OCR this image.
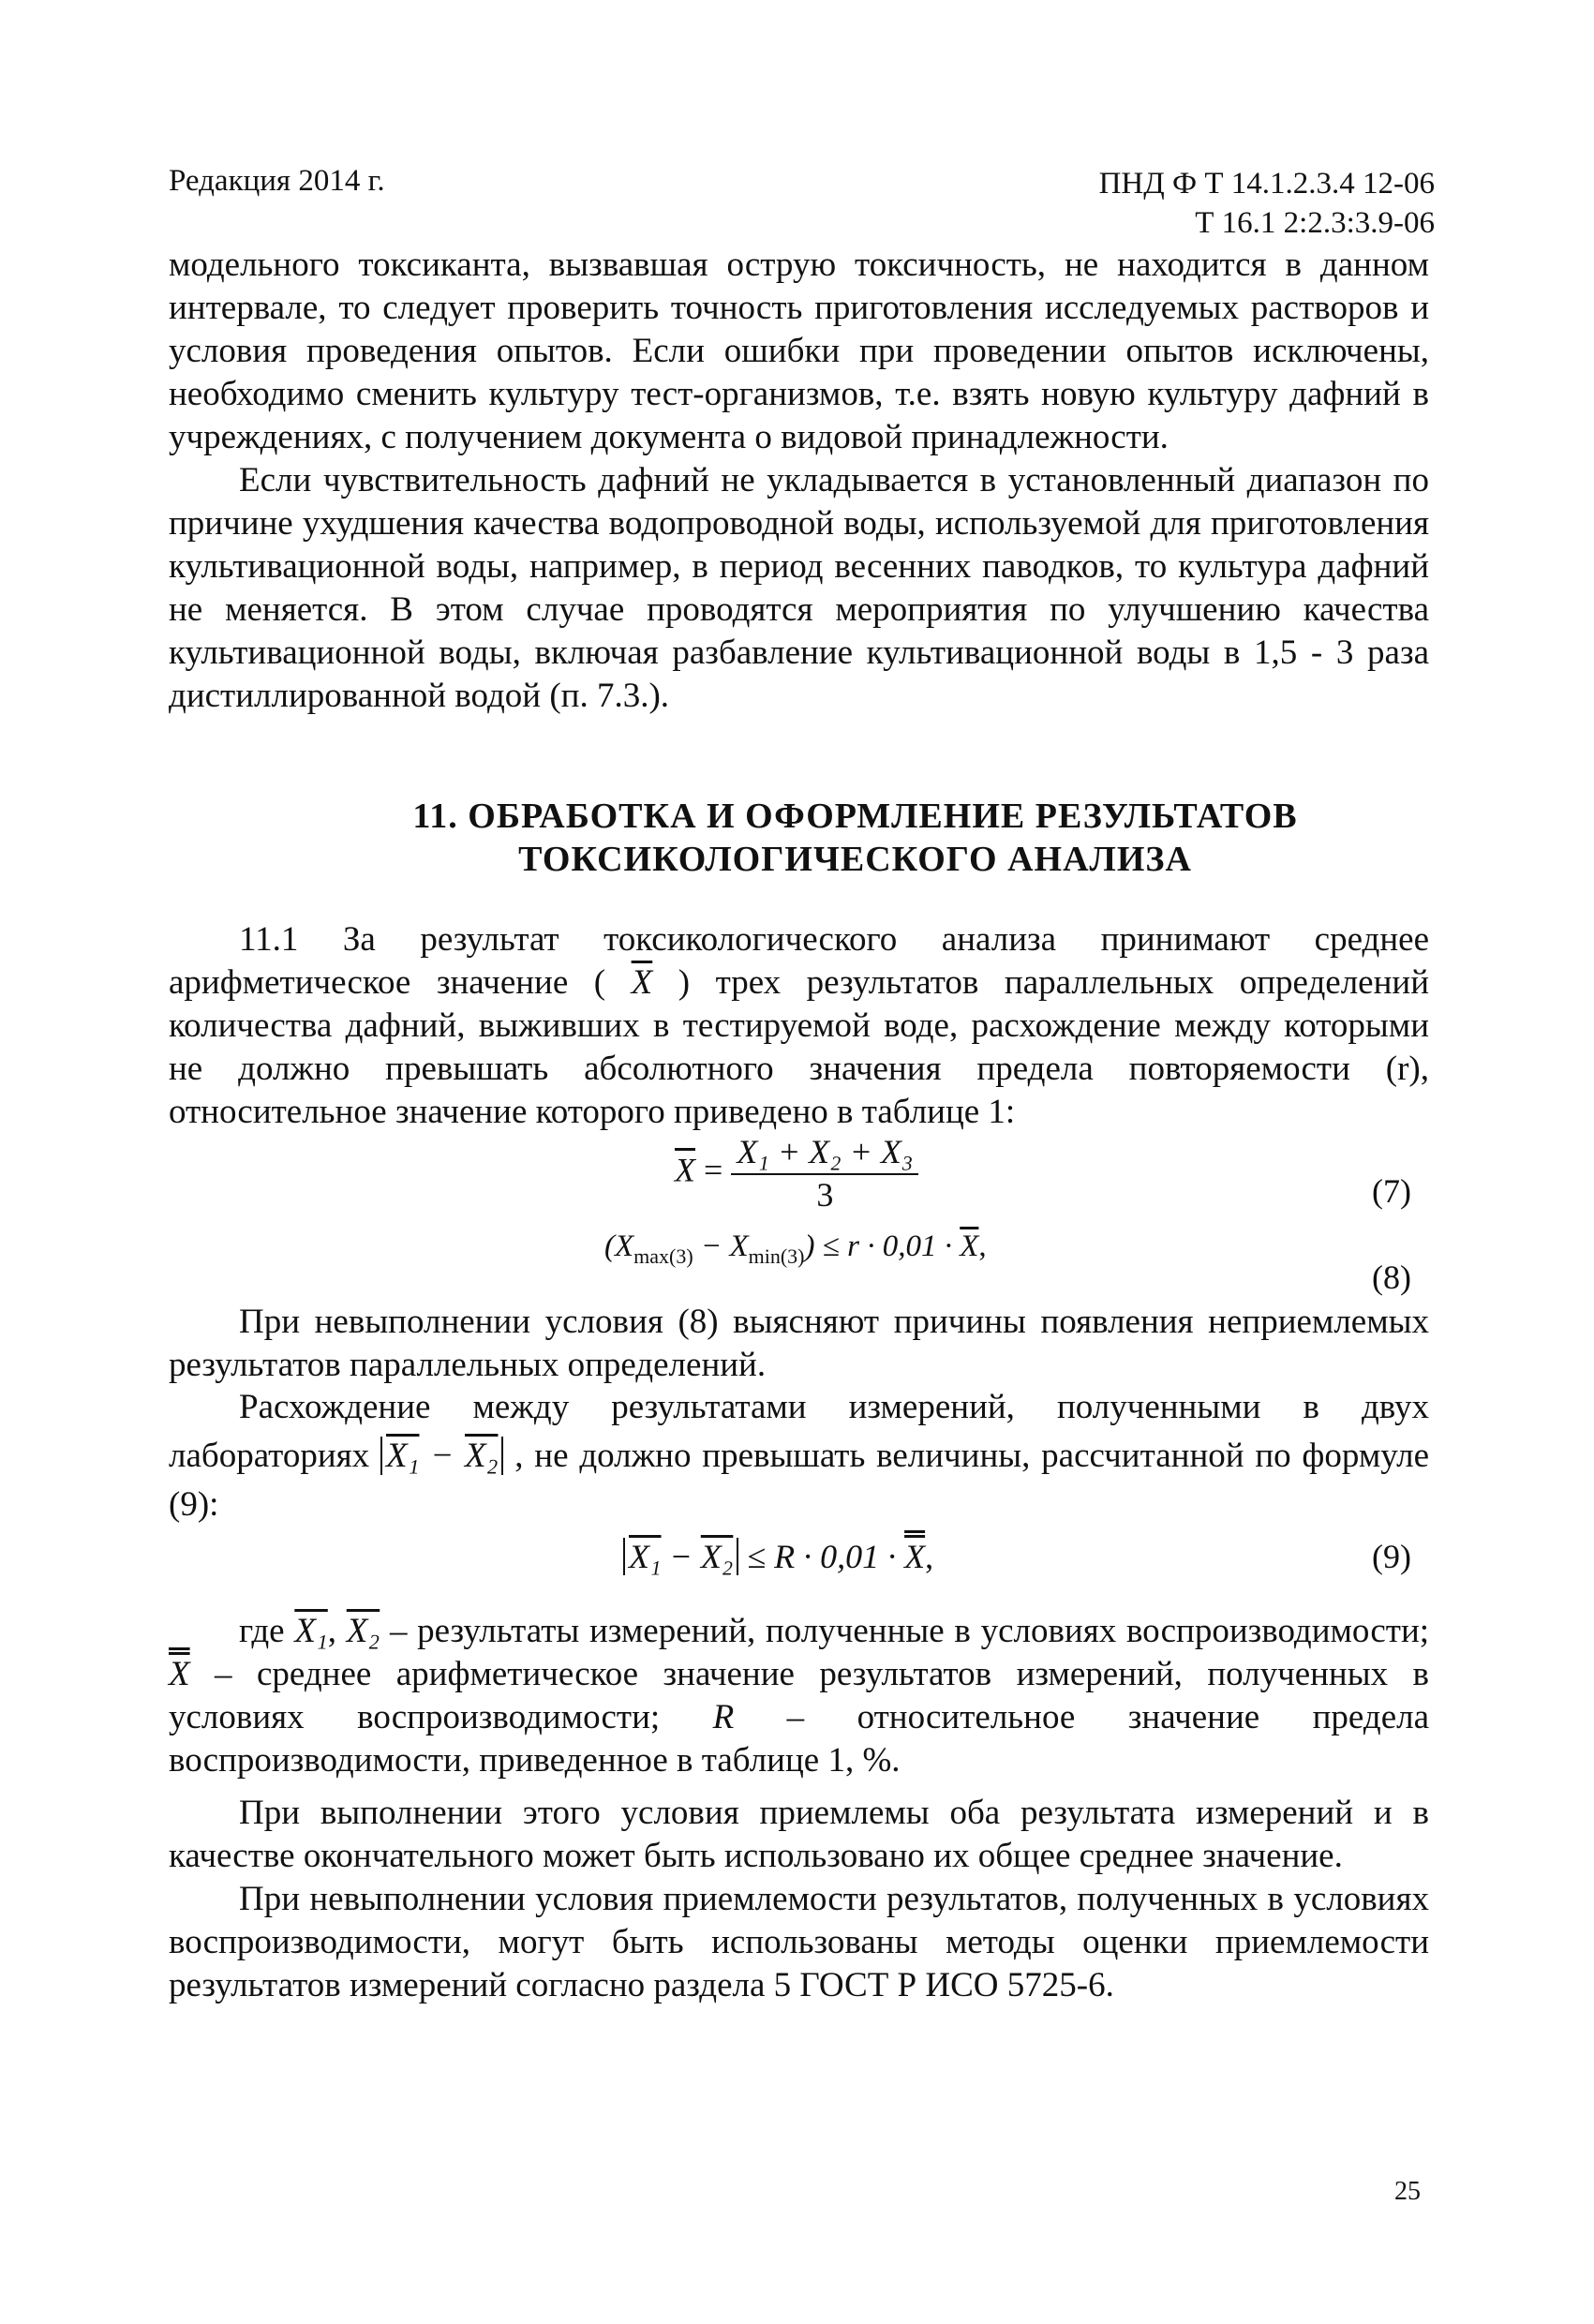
Редакция 2014 г.	ПНД Ф Т 14.1.2.3.4 12-06
Т 16.1 2:2.3:3.9-06

модельного токсиканта, вызвавшая острую токсичность, не находится в данном интервале, то следует проверить точность приготовления исследуемых растворов и условия проведения опытов. Если ошибки при проведении опытов исключены, необходимо сменить культуру тест-организмов, т.е. взять новую культуру дафний в учреждениях, с получением документа о видовой принадлежности.

Если чувствительность дафний не укладывается в установленный диапазон по причине ухудшения качества водопроводной воды, используемой для приготовления культивационной воды, например, в период весенних паводков, то культура дафний не меняется. В этом случае проводятся мероприятия по улучшению качества культивационной воды, включая разбавление культивационной воды в 1,5 - 3 раза дистиллированной водой (п. 7.3.).

11. ОБРАБОТКА И ОФОРМЛЕНИЕ РЕЗУЛЬТАТОВ
ТОКСИКОЛОГИЧЕСКОГО АНАЛИЗА

11.1 За результат токсикологического анализа принимают среднее арифметическое значение ( $\overline{X}$ ) трех результатов параллельных определений количества дафний, выживших в тестируемой воде, расхождение между которыми не должно превышать абсолютного значения предела повторяемости (r), относительное значение которого приведено в таблице 1:

$\overline{X} = \frac{\text{X₁ + X₂ + X₃}}{3}$	(7)
$(X_{max(3)} - X_{min(3)}) \le r \cdot 0,01 \cdot \overline{X}$,
(8)

При невыполнении условия (8) выясняют причины появления неприемлемых результатов параллельных определений.

Расхождение между результатами измерений, полученными в двух лабораториях X₁ − X₂ , не должно превышать величины, рассчитанной по формуле (9):

X₁ − X₂ ≤ R · 0,01 · X,	(9)

где X₁, X₂ – результаты измерений, полученные в условиях воспроизводимости; X – среднее арифметическое значение результатов измерений, полученных в условиях воспроизводимости; R – относительное значение предела воспроизводимости, приведенное в таблице 1, %.

При выполнении этого условия приемлемы оба результата измерений и в качестве окончательного может быть использовано их общее среднее значение.

При невыполнении условия приемлемости результатов, полученных в условиях воспроизводимости, могут быть использованы методы оценки приемлемости результатов измерений согласно раздела 5 ГОСТ Р ИСО 5725-6.

25
